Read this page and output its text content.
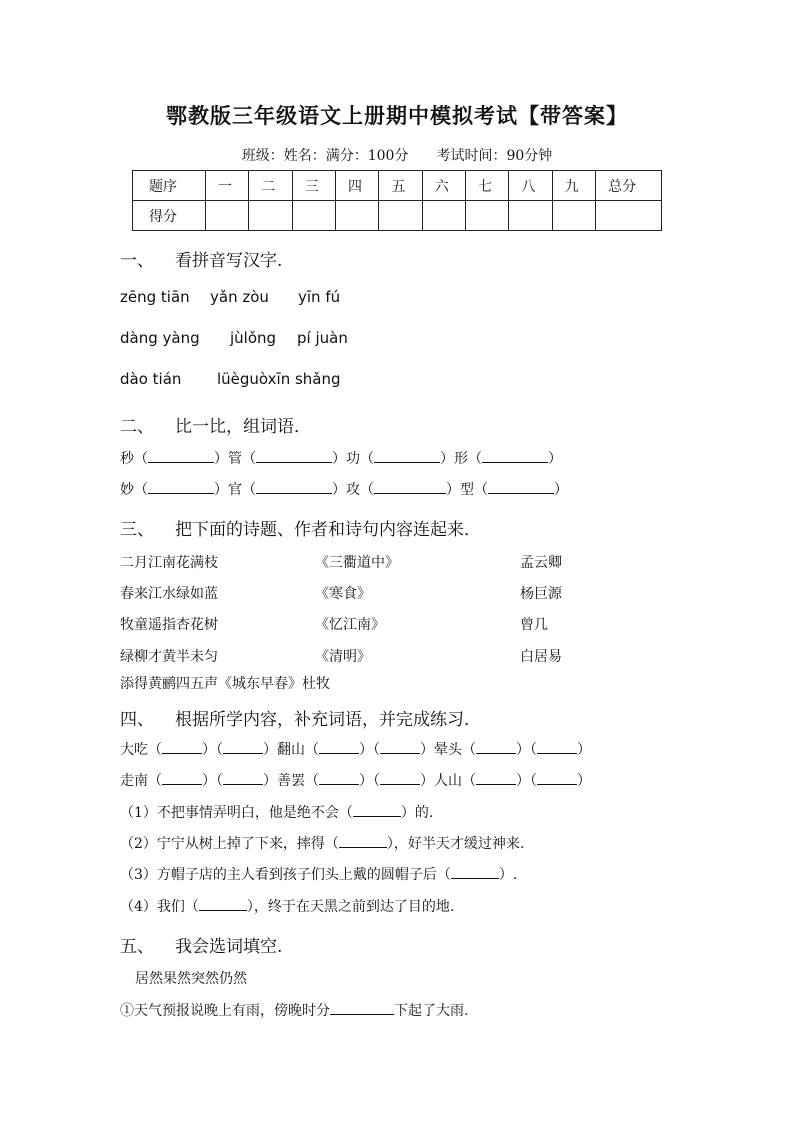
鄂教版三年级语文上册期中模拟考试【带答案】
班级：姓名：满分：100分　　考试时间：90分钟
题序	一	二	三	四	五	六	七	八	九	总分
得分										
一、 看拼音写汉字.
zēng tiān yǎn zòu yīn fú
dàng yàng jùlǒng pí juàn
dào tián lüèguòxīn shǎng
二、 比一比，组词语．
秒（	）管（	）功（	）形（	）
妙（	）官（	）攻（	）型（	）
三、 把下面的诗题、作者和诗句内容连起来．
二月江南花满枝	《三衢道中》	孟云卿
春来江水绿如蓝	《寒食》	杨巨源
牧童遥指杏花树	《忆江南》	曾几
绿柳才黄半未匀	《清明》	白居易
添得黄鹂四五声《城东早春》杜牧
四、 根据所学内容，补充词语，并完成练习．
大吃（	）（	）翻山（	）（	）晕头（	）（	）
走南（	）（	）善罢（	）（	）人山（	）（	）
（1）不把事情弄明白，他是绝不会（	）的.
（2）宁宁从树上掉了下来，摔得（	），好半天才缓过神来.
（3）方帽子店的主人看到孩子们头上戴的圆帽子后（	）.
（4）我们（	），终于在天黑之前到达了目的地.
五、 我会选词填空.
居然果然突然仍然
①天气预报说晚上有雨，傍晚时分	下起了大雨.
